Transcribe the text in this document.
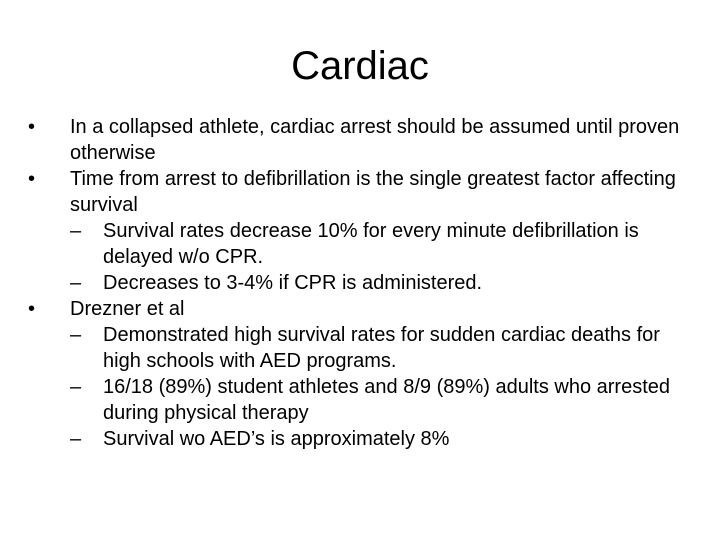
Cardiac
• In a collapsed athlete, cardiac arrest should be assumed until proven otherwise
• Time from arrest to defibrillation is the single greatest factor affecting survival
– Survival rates decrease 10% for every minute defibrillation is delayed w/o CPR.
– Decreases to 3-4% if CPR is administered.
• Drezner et al
– Demonstrated high survival rates for sudden cardiac deaths for high schools with AED programs.
– 16/18 (89%) student athletes and 8/9 (89%) adults who arrested during physical therapy
– Survival wo AED’s is approximately 8%
